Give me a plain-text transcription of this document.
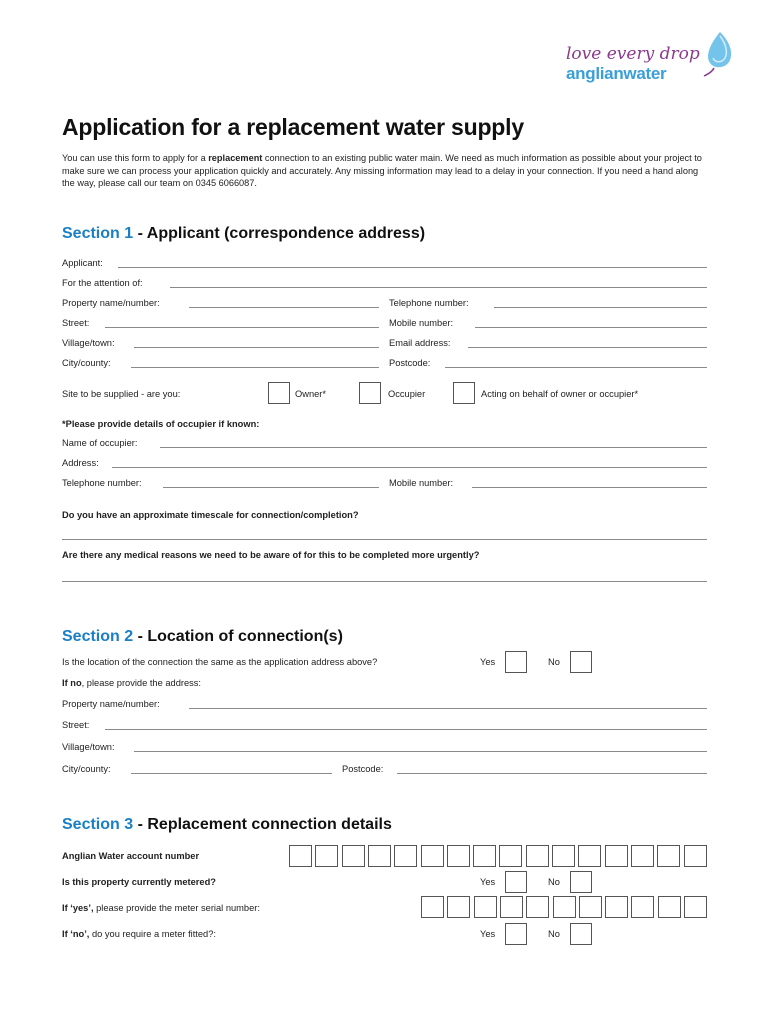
love every drop
anglianwater
Application for a replacement water supply
You can use this form to apply for a replacement connection to an existing public water main. We need as much information as possible about your project to make sure we can process your application quickly and accurately. Any missing information may lead to a delay in your connection. If you need a hand along the way, please call our team on 0345 6066087.
Section 1 - Applicant (correspondence address)
Applicant:
For the attention of:
Property name/number:	Telephone number:
Street:	Mobile number:
Village/town:	Email address:
City/county:	Postcode:
Site to be supplied - are you:	Owner*	Occupier	Acting on behalf of owner or occupier*
*Please provide details of occupier if known:
Name of occupier:
Address:
Telephone number:	Mobile number:
Do you have an approximate timescale for connection/completion?
Are there any medical reasons we need to be aware of for this to be completed more urgently?
Section 2 - Location of connection(s)
Is the location of the connection the same as the application address above?	Yes	No
If no, please provide the address:
Property name/number:
Street:
Village/town:
City/county:	Postcode:
Section 3 - Replacement connection details
Anglian Water account number
Is this property currently metered?	Yes	No
If ‘yes’, please provide the meter serial number:
If ‘no’, do you require a meter fitted?:	Yes	No
